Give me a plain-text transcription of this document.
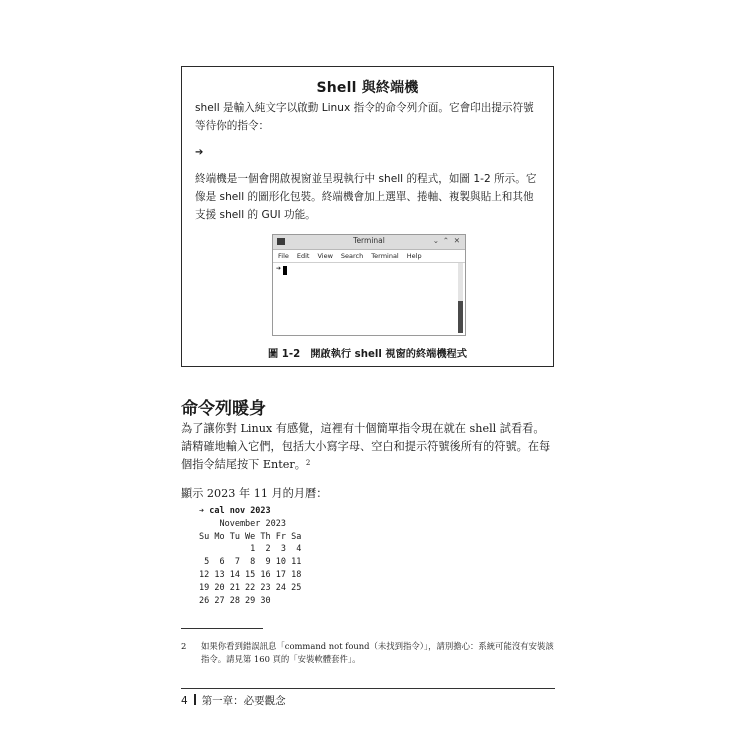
Shell 與終端機
shell 是輸入純文字以啟動 Linux 指令的命令列介面。它會印出提示符號等待你的指令：
➔
終端機是一個會開啟視窗並呈現執行中 shell 的程式，如圖 1-2 所示。它像是 shell 的圖形化包裝。終端機會加上選單、捲軸、複製與貼上和其他支援 shell 的 GUI 功能。
Terminal	⌄ ⌃ ✕
File Edit View Search Terminal Help
➔
圖 1-2　開啟執行 shell 視窗的終端機程式
命令列暖身
為了讓你對 Linux 有感覺，這裡有十個簡單指令現在就在 shell 試看看。請精確地輸入它們，包括大小寫字母、空白和提示符號後所有的符號。在每個指令結尾按下 Enter。$^2$
顯示 2023 年 11 月的月曆：
➔ cal nov 2023
November 2023
Su Mo Tu We Th Fr Sa
1  2  3  4
5  6  7  8  9 10 11
12 13 14 15 16 17 18
19 20 21 22 23 24 25
26 27 28 29 30
2 如果你看到錯誤訊息「command not found（未找到指令）」，請別擔心：系統可能沒有安裝該指令。請見第 160 頁的「安裝軟體套件」。
4 第一章：必要觀念
